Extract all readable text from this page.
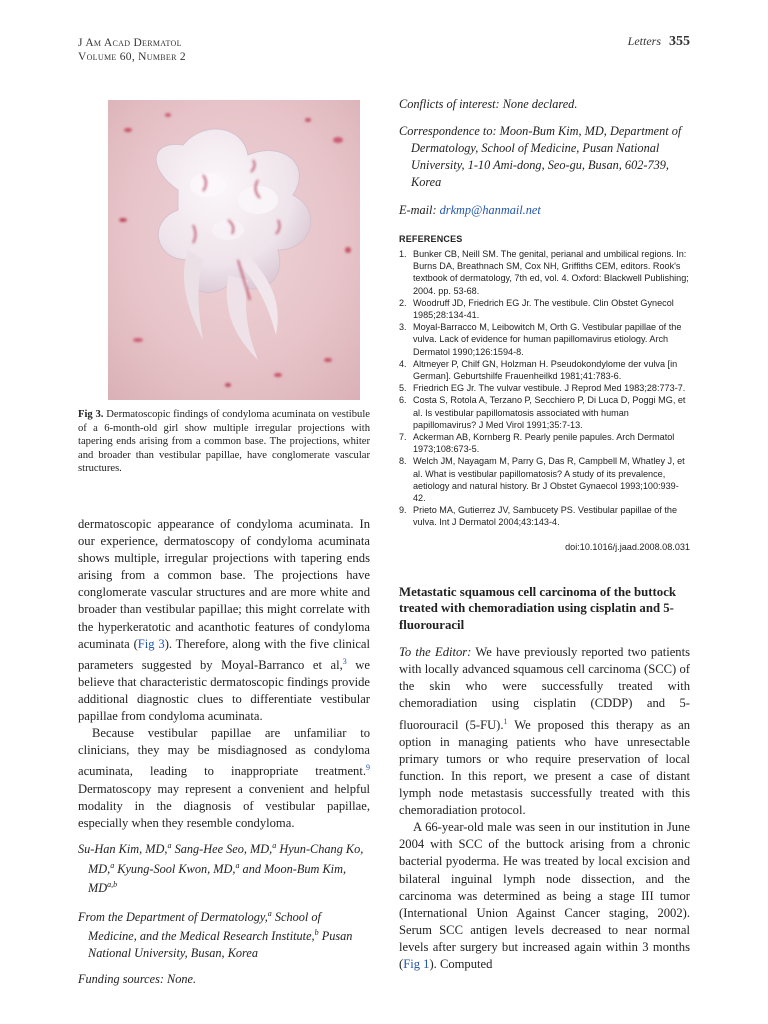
J Am Acad Dermatol
Volume 60, Number 2
Letters 355
Fig 3. Dermatoscopic findings of condyloma acuminata on vestibule of a 6-month-old girl show multiple irregular projections with tapering ends arising from a common base. The projections, whiter and broader than vestibular papillae, have conglomerate vascular structures.

dermatoscopic appearance of condyloma acuminata. In our experience, dermatoscopy of condyloma acuminata shows multiple, irregular projections with tapering ends arising from a common base. The projections have conglomerate vascular structures and are more white and broader than vestibular papillae; this might correlate with the hyperkeratotic and acanthotic features of condyloma acuminata (Fig 3). Therefore, along with the five clinical parameters suggested by Moyal-Barranco et al,$^3$ we believe that characteristic dermatoscopic findings provide additional diagnostic clues to differentiate vestibular papillae from condyloma acuminata.

Because vestibular papillae are unfamiliar to clinicians, they may be misdiagnosed as condyloma acuminata, leading to inappropriate treatment.$^9$ Dermatoscopy may represent a convenient and helpful modality in the diagnosis of vestibular papillae, especially when they resemble condyloma.

Su-Han Kim, MD,$^a$ Sang-Hee Seo, MD,$^a$ Hyun-Chang Ko, MD,$^a$ Kyung-Sool Kwon, MD,$^a$ and Moon-Bum Kim, MD$^{a,b}$
From the Department of Dermatology,$^a$ School of Medicine, and the Medical Research Institute,$^b$ Pusan National University, Busan, Korea
Funding sources: None.

Conflicts of interest: None declared.

Correspondence to: Moon-Bum Kim, MD, Department of Dermatology, School of Medicine, Pusan National University, 1-10 Ami-dong, Seo-gu, Busan, 602-739, Korea
E-mail: drkmp@hanmail.net
REFERENCES
1. Bunker CB, Neill SM. The genital, perianal and umbilical regions. In: Burns DA, Breathnach SM, Cox NH, Griffiths CEM, editors. Rook's textbook of dermatology, 7th ed, vol. 4. Oxford: Blackwell Publishing; 2004. pp. 53-68.
2. Woodruff JD, Friedrich EG Jr. The vestibule. Clin Obstet Gynecol 1985;28:134-41.
3. Moyal-Barracco M, Leibowitch M, Orth G. Vestibular papillae of the vulva. Lack of evidence for human papillomavirus etiology. Arch Dermatol 1990;126:1594-8.
4. Altmeyer P, Chilf GN, Holzman H. Pseudokondylome der vulva [in German]. Geburtshilfe Frauenheilkd 1981;41:783-6.
5. Friedrich EG Jr. The vulvar vestibule. J Reprod Med 1983;28:773-7.
6. Costa S, Rotola A, Terzano P, Secchiero P, Di Luca D, Poggi MG, et al. Is vestibular papillomatosis associated with human papillomavirus? J Med Virol 1991;35:7-13.
7. Ackerman AB, Kornberg R. Pearly penile papules. Arch Dermatol 1973;108:673-5.
8. Welch JM, Nayagam M, Parry G, Das R, Campbell M, Whatley J, et al. What is vestibular papillomatosis? A study of its prevalence, aetiology and natural history. Br J Obstet Gynaecol 1993;100:939-42.
9. Prieto MA, Gutierrez JV, Sambucety PS. Vestibular papillae of the vulva. Int J Dermatol 2004;43:143-4.
doi:10.1016/j.jaad.2008.08.031
Metastatic squamous cell carcinoma of the buttock treated with chemoradiation using cisplatin and 5-fluorouracil

To the Editor: We have previously reported two patients with locally advanced squamous cell carcinoma (SCC) of the skin who were successfully treated with chemoradiation using cisplatin (CDDP) and 5-fluorouracil (5-FU).$^1$ We proposed this therapy as an option in managing patients who have unresectable primary tumors or who require preservation of local function. In this report, we present a case of distant lymph node metastasis successfully treated with this chemoradiation protocol.

A 66-year-old male was seen in our institution in June 2004 with SCC of the buttock arising from a chronic bacterial pyoderma. He was treated by local excision and bilateral inguinal lymph node dissection, and the carcinoma was determined as being a stage III tumor (International Union Against Cancer staging, 2002). Serum SCC antigen levels decreased to near normal levels after surgery but increased again within 3 months (Fig 1). Computed
